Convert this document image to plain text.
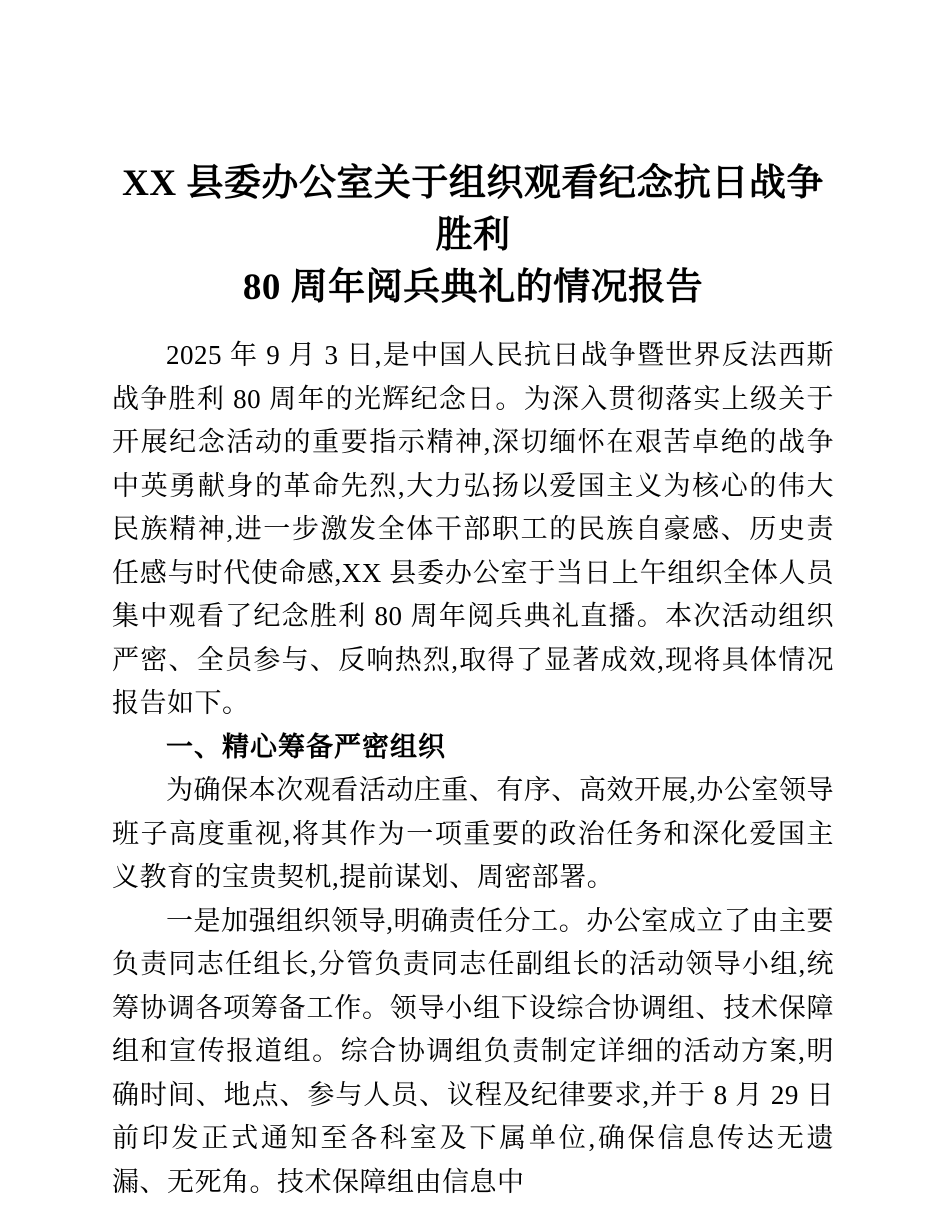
XX 县委办公室关于组织观看纪念抗日战争胜利
80 周年阅兵典礼的情况报告

2025 年 9 月 3 日,是中国人民抗日战争暨世界反法西斯战争胜利 80 周年的光辉纪念日。为深入贯彻落实上级关于开展纪念活动的重要指示精神,深切缅怀在艰苦卓绝的战争中英勇献身的革命先烈,大力弘扬以爱国主义为核心的伟大民族精神,进一步激发全体干部职工的民族自豪感、历史责任感与时代使命感,XX 县委办公室于当日上午组织全体人员集中观看了纪念胜利 80 周年阅兵典礼直播。本次活动组织严密、全员参与、反响热烈,取得了显著成效,现将具体情况报告如下。

一、精心筹备严密组织

为确保本次观看活动庄重、有序、高效开展,办公室领导班子高度重视,将其作为一项重要的政治任务和深化爱国主义教育的宝贵契机,提前谋划、周密部署。

一是加强组织领导,明确责任分工。办公室成立了由主要负责同志任组长,分管负责同志任副组长的活动领导小组,统筹协调各项筹备工作。领导小组下设综合协调组、技术保障组和宣传报道组。综合协调组负责制定详细的活动方案,明确时间、地点、参与人员、议程及纪律要求,并于 8 月 29 日前印发正式通知至各科室及下属单位,确保信息传达无遗漏、无死角。技术保障组由信息中
